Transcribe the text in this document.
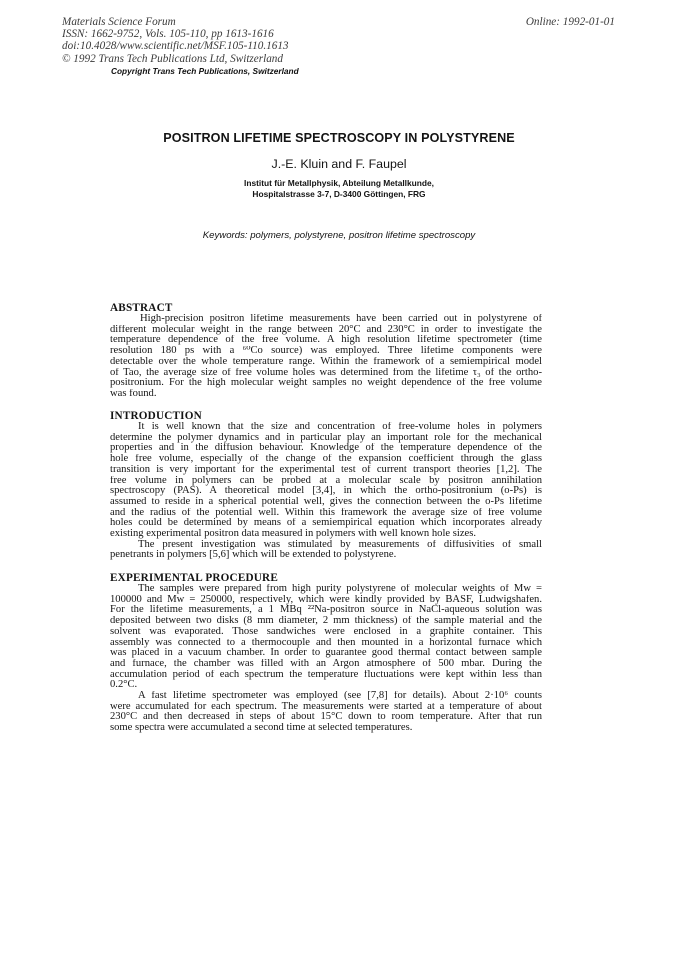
Materials Science Forum
ISSN: 1662-9752, Vols. 105-110, pp 1613-1616
doi:10.4028/www.scientific.net/MSF.105-110.1613
© 1992 Trans Tech Publications Ltd, Switzerland
Online: 1992-01-01
Copyright Trans Tech Publications, Switzerland
POSITRON LIFETIME SPECTROSCOPY IN POLYSTYRENE
J.-E. Kluin and F. Faupel
Institut für Metallphysik, Abteilung Metallkunde,
Hospitalstrasse 3-7, D-3400 Göttingen, FRG
Keywords: polymers, polystyrene, positron lifetime spectroscopy
ABSTRACT
High-precision positron lifetime measurements have been carried out in polystyrene of
different molecular weight in the range between 20°C and 230°C in order to investigate the
temperature dependence of the free volume. A high resolution lifetime spectrometer (time
resolution 180 ps with a ⁶⁰Co source) was employed. Three lifetime components were
detectable over the whole temperature range. Within the framework of a semiempirical model
of Tao, the average size of free volume holes was determined from the lifetime τ₃ of the ortho-
positronium. For the high molecular weight samples no weight dependence of the free volume
was found.
INTRODUCTION
It is well known that the size and concentration of free-volume holes in polymers
determine the polymer dynamics and in particular play an important role for the mechanical
properties and in the diffusion behaviour. Knowledge of the temperature dependence of the
hole free volume, especially of the change of the expansion coefficient through the glass
transition is very important for the experimental test of current transport theories [1,2]. The
free volume in polymers can be probed at a molecular scale by positron annihilation
spectroscopy (PAS). A theoretical model [3,4], in which the ortho-positronium (o-Ps) is
assumed to reside in a spherical potential well, gives the connection between the o-Ps lifetime
and the radius of the potential well. Within this framework the average size of free volume
holes could be determined by means of a semiempirical equation which incorporates already
existing experimental positron data measured in polymers with well known hole sizes.
The present investigation was stimulated by measurements of diffusivities of small
penetrants in polymers [5,6] which will be extended to polystyrene.
EXPERIMENTAL PROCEDURE
The samples were prepared from high purity polystyrene of molecular weights of Mw =
100000 and Mw = 250000, respectively, which were kindly provided by BASF, Ludwigshafen.
For the lifetime measurements, a 1 MBq ²²Na-positron source in NaCl-aqueous solution was
deposited between two disks (8 mm diameter, 2 mm thickness) of the sample material and the
solvent was evaporated. Those sandwiches were enclosed in a graphite container. This
assembly was connected to a thermocouple and then mounted in a horizontal furnace which
was placed in a vacuum chamber. In order to guarantee good thermal contact between sample
and furnace, the chamber was filled with an Argon atmosphere of 500 mbar. During the
accumulation period of each spectrum the temperature fluctuations were kept within less than
0.2°C.
A fast lifetime spectrometer was employed (see [7,8] for details). About 2·10⁶ counts
were accumulated for each spectrum. The measurements were started at a temperature of about
230°C and then decreased in steps of about 15°C down to room temperature. After that run
some spectra were accumulated a second time at selected temperatures.
